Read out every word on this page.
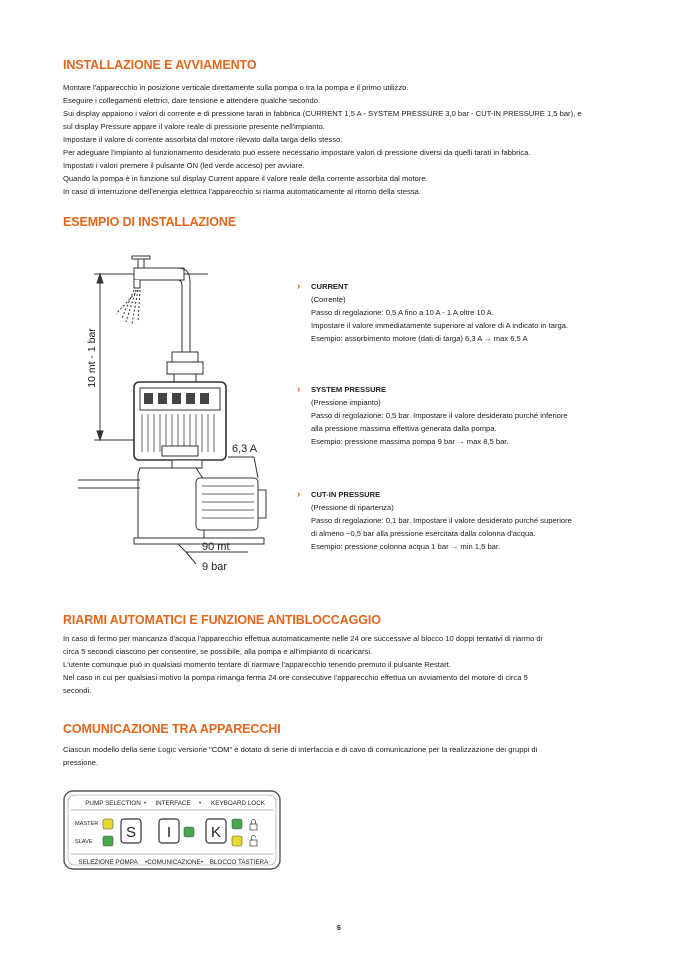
INSTALLAZIONE E AVVIAMENTO
Montare l'apparecchio in posizione verticale direttamente sulla pompa o tra la pompa e il primo utilizzo.
Eseguire i collegamenti elettrici, dare tensione e attendere qualche secondo.
Sui display appaiono i valori di corrente e di pressione tarati in fabbrica (CURRENT 1,5 A - SYSTEM PRESSURE 3,0 bar - CUT-IN PRESSURE 1,5 bar), e
sul display Pressure appare il valore reale di pressione presente nell'impianto.
Impostare il valore di corrente assorbita dal motore rilevato dalla targa dello stesso.
Per adeguare l'impianto al funzionamento desiderato può essere necessario impostare valori di pressione diversi da quelli tarati in fabbrica.
Impostati i valori premere il pulsante ON (led verde acceso) per avviare.
Quando la pompa è in funzione sul display Current appare il valore reale della corrente assorbita dal motore.
In caso di interruzione dell'energia elettrica l'apparecchio si riarma automaticamente al ritorno della stessa.
ESEMPIO DI INSTALLAZIONE
10 mt - 1 bar
6,3 A
90 mt
9 bar
› CURRENT
(Corrente)
Passo di regolazione: 0,5 A fino a 10 A - 1 A oltre 10 A.
Impostare il valore immediatamente superiore al valore di A indicato in targa.
Esempio: assorbimento motore (dati di targa) 6,3 A → max 6,5 A
› SYSTEM PRESSURE
(Pressione impianto)
Passo di regolazione: 0,5 bar. Impostare il valore desiderato purché inferiore
alla pressione massima effettiva generata dalla pompa.
Esempio: pressione massima pompa 9 bar → max 8,5 bar.
› CUT-IN PRESSURE
(Pressione di ripartenza)
Passo di regolazione: 0,1 bar. Impostare il valore desiderato purché superiore
di almeno ~0,5 bar alla pressione esercitata dalla colonna d'acqua.
Esempio: pressione colonna acqua 1 bar → min 1,5 bar.
RIARMI AUTOMATICI E FUNZIONE ANTIBLOCCAGGIO
In caso di fermo per mancanza d'acqua l'apparecchio effettua automaticamente nelle 24 ore successive al blocco 10 doppi tentativi di riarmo di
circa 5 secondi ciascuno per consentire, se possibile, alla pompa e all'impianto di ricaricarsi.
L'utente comunque può in qualsiasi momento tentare di riarmare l'apparecchio tenendo premuto il pulsante Restart.
Nel caso in cui per qualsiasi motivo la pompa rimanga ferma 24 ore consecutive l'apparecchio effettua un avviamento del motore di circa 5
secondi.
COMUNICAZIONE TRA APPARECCHI
Ciascun modello della serie Logic versione "COM" è dotato di serie di interfaccia e di cavo di comunicazione per la realizzazione dei gruppi di
pressione.
PUMP SELECTION • INTERFACE • KEYBOARD LOCK
MASTER
SLAVE
S I	K
SELEZIONE POMPA • COMUNICAZIONE • BLOCCO TASTIERA
6
